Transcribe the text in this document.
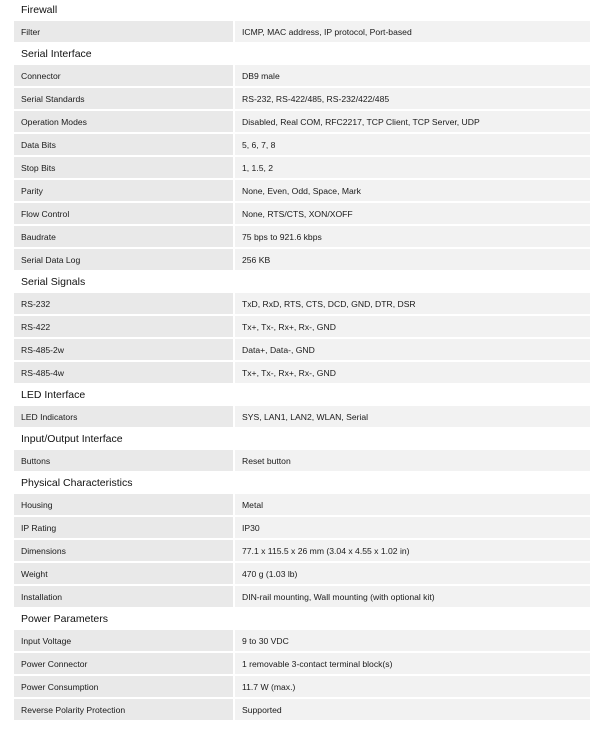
Firewall
Filter		ICMP, MAC address, IP protocol, Port-based
Serial Interface
Connector		DB9 male
Serial Standards		RS-232, RS-422/485, RS-232/422/485
Operation Modes		Disabled, Real COM, RFC2217, TCP Client, TCP Server, UDP
Data Bits		5, 6, 7, 8
Stop Bits		1, 1.5, 2
Parity		None, Even, Odd, Space, Mark
Flow Control		None, RTS/CTS, XON/XOFF
Baudrate		75 bps to 921.6 kbps
Serial Data Log		256 KB
Serial Signals
RS-232		TxD, RxD, RTS, CTS, DCD, GND, DTR, DSR
RS-422		Tx+, Tx-, Rx+, Rx-, GND
RS-485-2w		Data+, Data-, GND
RS-485-4w		Tx+, Tx-, Rx+, Rx-, GND
LED Interface
LED Indicators		SYS, LAN1, LAN2, WLAN, Serial
Input/Output Interface
Buttons		Reset button
Physical Characteristics
Housing		Metal
IP Rating		IP30
Dimensions		77.1 x 115.5 x 26 mm (3.04 x 4.55 x 1.02 in)
Weight		470 g (1.03 lb)
Installation		DIN-rail mounting, Wall mounting (with optional kit)
Power Parameters
Input Voltage		9 to 30 VDC
Power Connector		1 removable 3-contact terminal block(s)
Power Consumption		11.7 W (max.)
Reverse Polarity Protection		Supported
